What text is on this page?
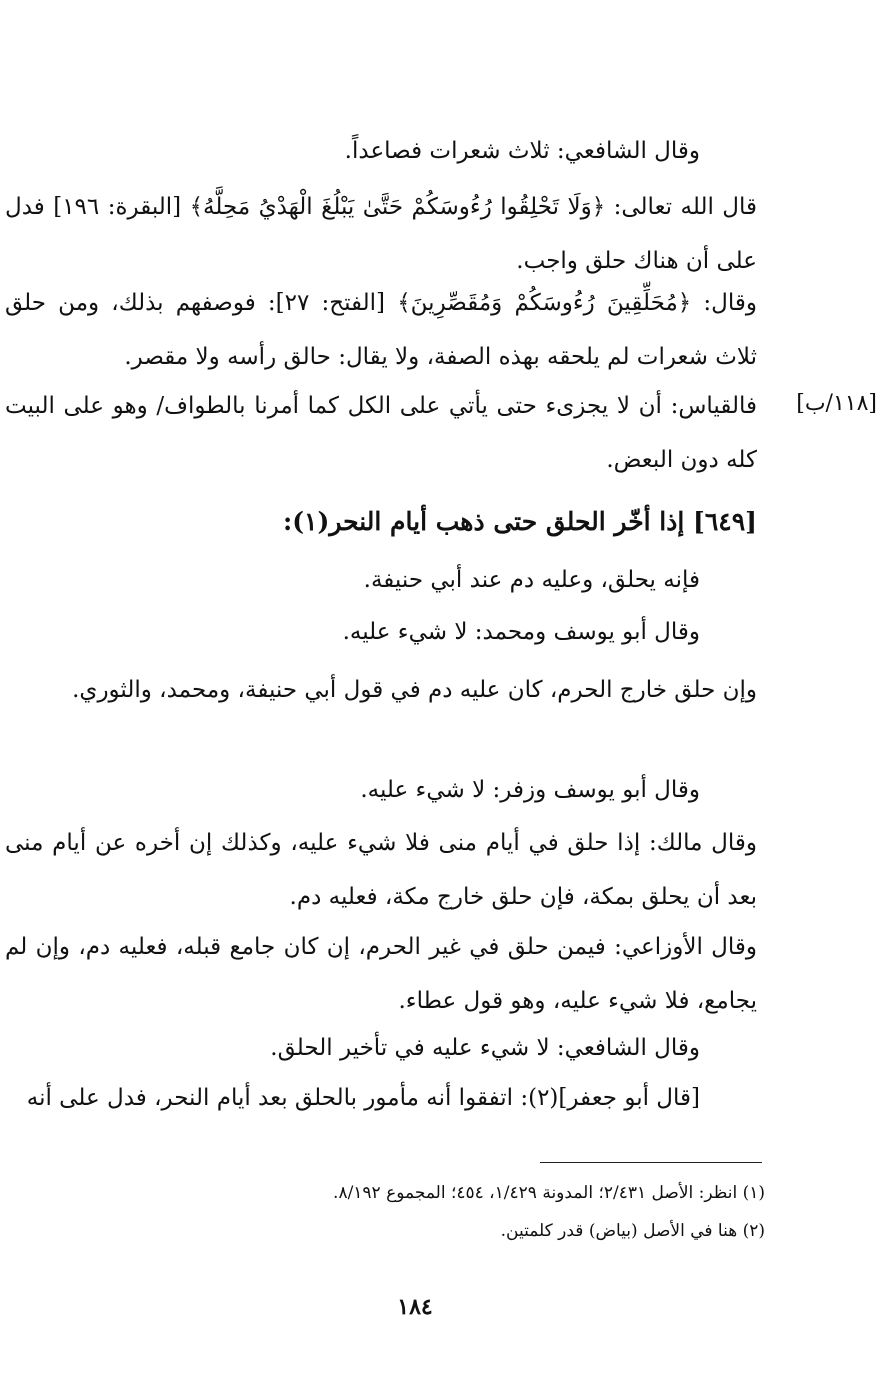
وقال الشافعي: ثلاث شعرات فصاعداً.
قال الله تعالى: ﴿وَلَا تَحْلِقُوا رُءُوسَكُمْ حَتَّىٰ يَبْلُغَ الْهَدْيُ مَحِلَّهُ﴾ [البقرة: ١٩٦] فدل على أن هناك حلق واجب.
وقال: ﴿مُحَلِّقِينَ رُءُوسَكُمْ وَمُقَصِّرِينَ﴾ [الفتح: ٢٧]: فوصفهم بذلك، ومن حلق ثلاث شعرات لم يلحقه بهذه الصفة، ولا يقال: حالق رأسه ولا مقصر.
[١١٨/ب]
فالقياس: أن لا يجزىء حتى يأتي على الكل كما أمرنا بالطواف/ وهو على البيت كله دون البعض.
[٦٤٩] إذا أخّر الحلق حتى ذهب أيام النحر(١):
فإنه يحلق، وعليه دم عند أبي حنيفة.
وقال أبو يوسف ومحمد: لا شيء عليه.
وإن حلق خارج الحرم، كان عليه دم في قول أبي حنيفة، ومحمد، والثوري.
وقال أبو يوسف وزفر: لا شيء عليه.
وقال مالك: إذا حلق في أيام منى فلا شيء عليه، وكذلك إن أخره عن أيام منى بعد أن يحلق بمكة، فإن حلق خارج مكة، فعليه دم.
وقال الأوزاعي: فيمن حلق في غير الحرم، إن كان جامع قبله، فعليه دم، وإن لم يجامع، فلا شيء عليه، وهو قول عطاء.
وقال الشافعي: لا شيء عليه في تأخير الحلق.
[قال أبو جعفر](٢): اتفقوا أنه مأمور بالحلق بعد أيام النحر، فدل على أنه
(١) انظر: الأصل ٢/٤٣١؛ المدونة ١/٤٢٩، ٤٥٤؛ المجموع ٨/١٩٢.
(٢) هنا في الأصل (بياض) قدر كلمتين.
١٨٤
